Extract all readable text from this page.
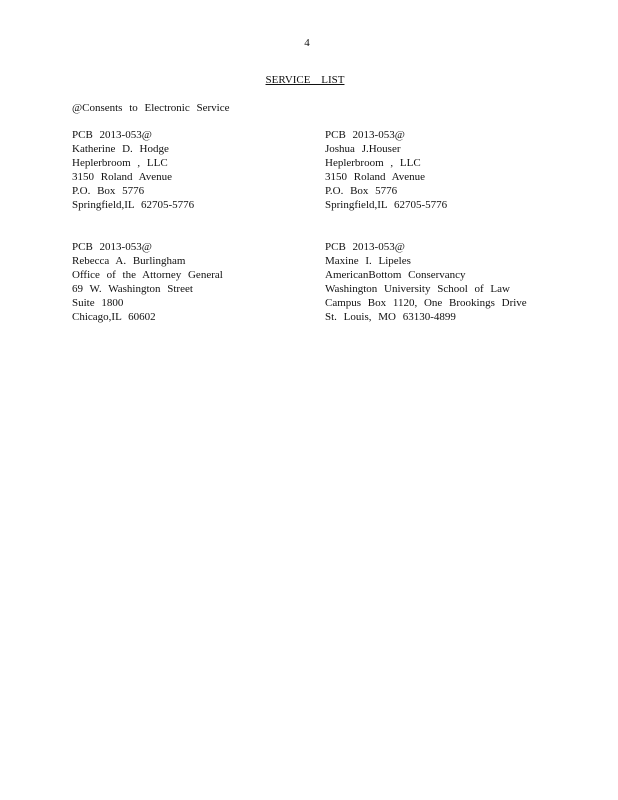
4
SERVICE LIST
@Consents to Electronic Service
PCB 2013-053@
Katherine D. Hodge
Heplerbroom , LLC
3150 Roland Avenue
P.O. Box 5776
Springfield,IL 62705-5776
PCB 2013-053@
Joshua J.Houser
Heplerbroom , LLC
3150 Roland Avenue
P.O. Box 5776
Springfield,IL 62705-5776
PCB 2013-053@
Rebecca A. Burlingham
Office of the Attorney General
69 W. Washington Street
Suite 1800
Chicago,IL 60602
PCB 2013-053@
Maxine I. Lipeles
AmericanBottom Conservancy
Washington University School of Law
Campus Box 1120, One Brookings Drive
St. Louis, MO 63130-4899
